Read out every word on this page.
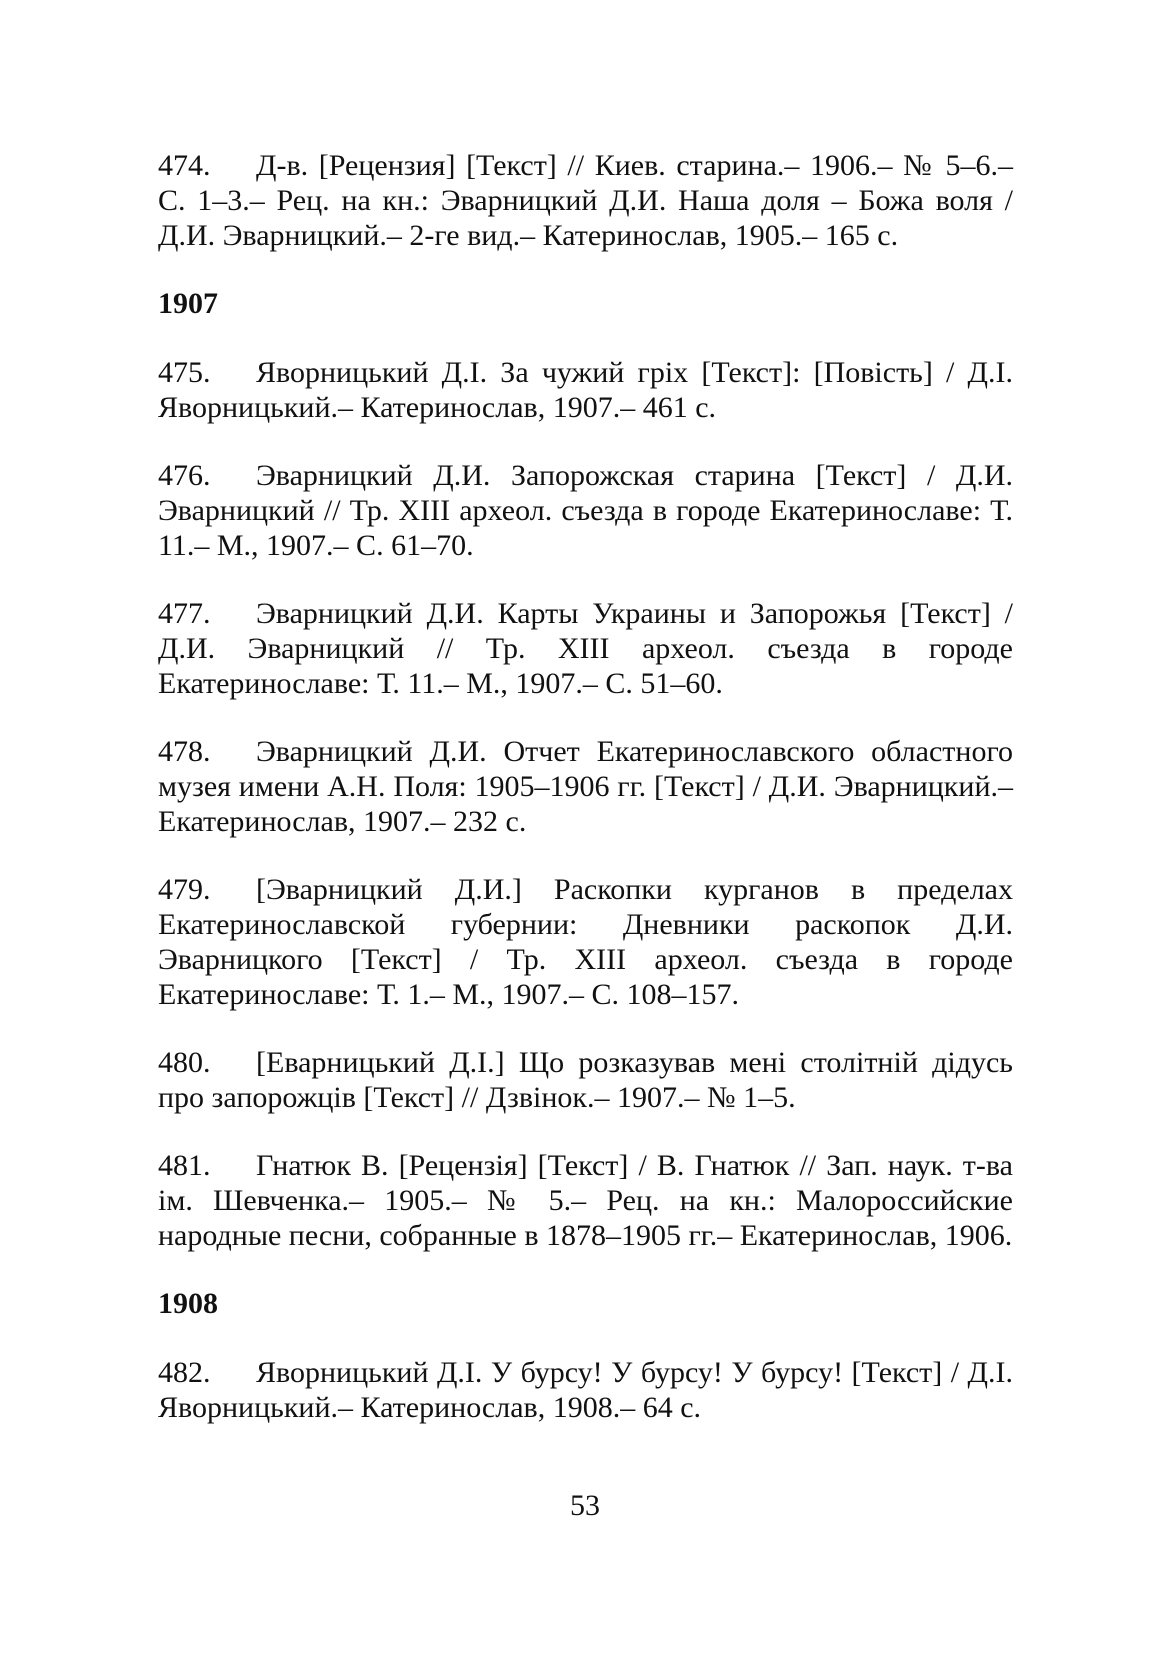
474. Д-в. [Рецензия] [Текст] // Киев. старина.– 1906.– № 5–6.– С. 1–3.– Рец. на кн.: Эварницкий Д.И. Наша доля – Божа воля / Д.И. Эварницкий.– 2-ге вид.– Катеринослав, 1905.– 165 с.

1907

475. Яворницький Д.І. За чужий гріх [Текст]: [Повість] / Д.І. Яворницький.– Катеринослав, 1907.– 461 с.

476. Эварницкий Д.И. Запорожская старина [Текст] / Д.И. Эварницкий // Тр. XIII археол. съезда в городе Екатеринославе: Т. 11.– М., 1907.– С. 61–70.

477. Эварницкий Д.И. Карты Украины и Запорожья [Текст] / Д.И. Эварницкий // Тр. XIII археол. съезда в городе Екатеринославе: Т. 11.– М., 1907.– С. 51–60.

478. Эварницкий Д.И. Отчет Екатеринославского областного музея имени А.Н. Поля: 1905–1906 гг. [Текст] / Д.И. Эварницкий.– Екатеринослав, 1907.– 232 с.

479. [Эварницкий Д.И.] Раскопки курганов в пределах Екатеринославской губернии: Дневники раскопок Д.И. Эварницкого [Текст] / Тр. XIII археол. съезда в городе Екатеринославе: Т. 1.– М., 1907.– С. 108–157.

480. [Еварницький Д.І.] Що розказував мені столітній дідусь про запорожців [Текст] // Дзвінок.– 1907.– № 1–5.

481. Гнатюк В. [Рецензія] [Текст] / В. Гнатюк // Зап. наук. т-ва ім. Шевченка.– 1905.– № 5.– Рец. на кн.: Малороссийские народные песни, собранные в 1878–1905 гг.– Екатеринослав, 1906.

1908

482. Яворницький Д.І. У бурсу! У бурсу! У бурсу! [Текст] / Д.І. Яворницький.– Катеринослав, 1908.– 64 с.

53
